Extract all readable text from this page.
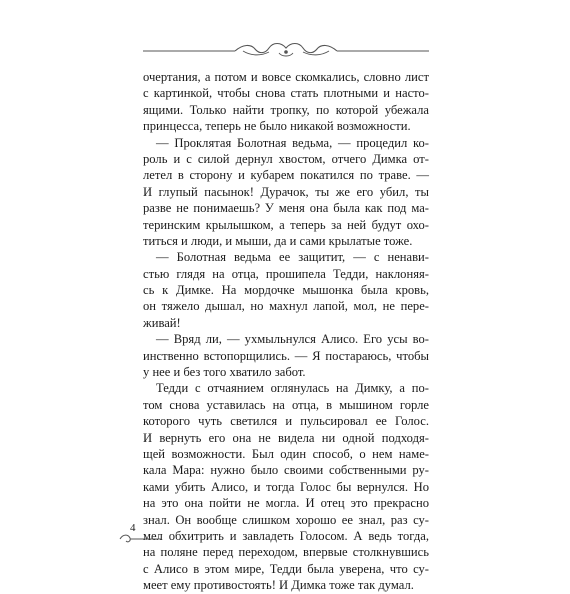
очертания, а потом и вовсе скомкались, словно лист
с картинкой, чтобы снова стать плотными и насто-
ящими. Только найти тропку, по которой убежала
принцесса, теперь не было никакой возможности.
— Проклятая Болотная ведьма, — процедил ко-
роль и с силой дернул хвостом, отчего Димка от-
летел в сторону и кубарем покатился по траве. —
И глупый пасынок! Дурачок, ты же его убил, ты
разве не понимаешь? У меня она была как под ма-
теринским крылышком, а теперь за ней будут охо-
титься и люди, и мыши, да и сами крылатые тоже.
— Болотная ведьма ее защитит, — с ненави-
стью глядя на отца, прошипела Тедди, наклоняя-
сь к Димке. На мордочке мышонка была кровь,
он тяжело дышал, но махнул лапой, мол, не пере-
живай!
— Вряд ли, — ухмыльнулся Алисо. Его усы во-
инственно встопорщились. — Я постараюсь, чтобы
у нее и без того хватило забот.
Тедди с отчаянием оглянулась на Димку, а по-
том снова уставилась на отца, в мышином горле
которого чуть светился и пульсировал ее Голос.
И вернуть его она не видела ни одной подходя-
щей возможности. Был один способ, о нем наме-
кала Мара: нужно было своими собственными ру-
ками убить Алисо, и тогда Голос бы вернулся. Но
на это она пойти не могла. И отец это прекрасно
знал. Он вообще слишком хорошо ее знал, раз су-
мел обхитрить и завладеть Голосом. А ведь тогда,
на поляне перед переходом, впервые столкнувшись
с Алисо в этом мире, Тедди была уверена, что су-
меет ему противостоять! И Димка тоже так думал.
4
